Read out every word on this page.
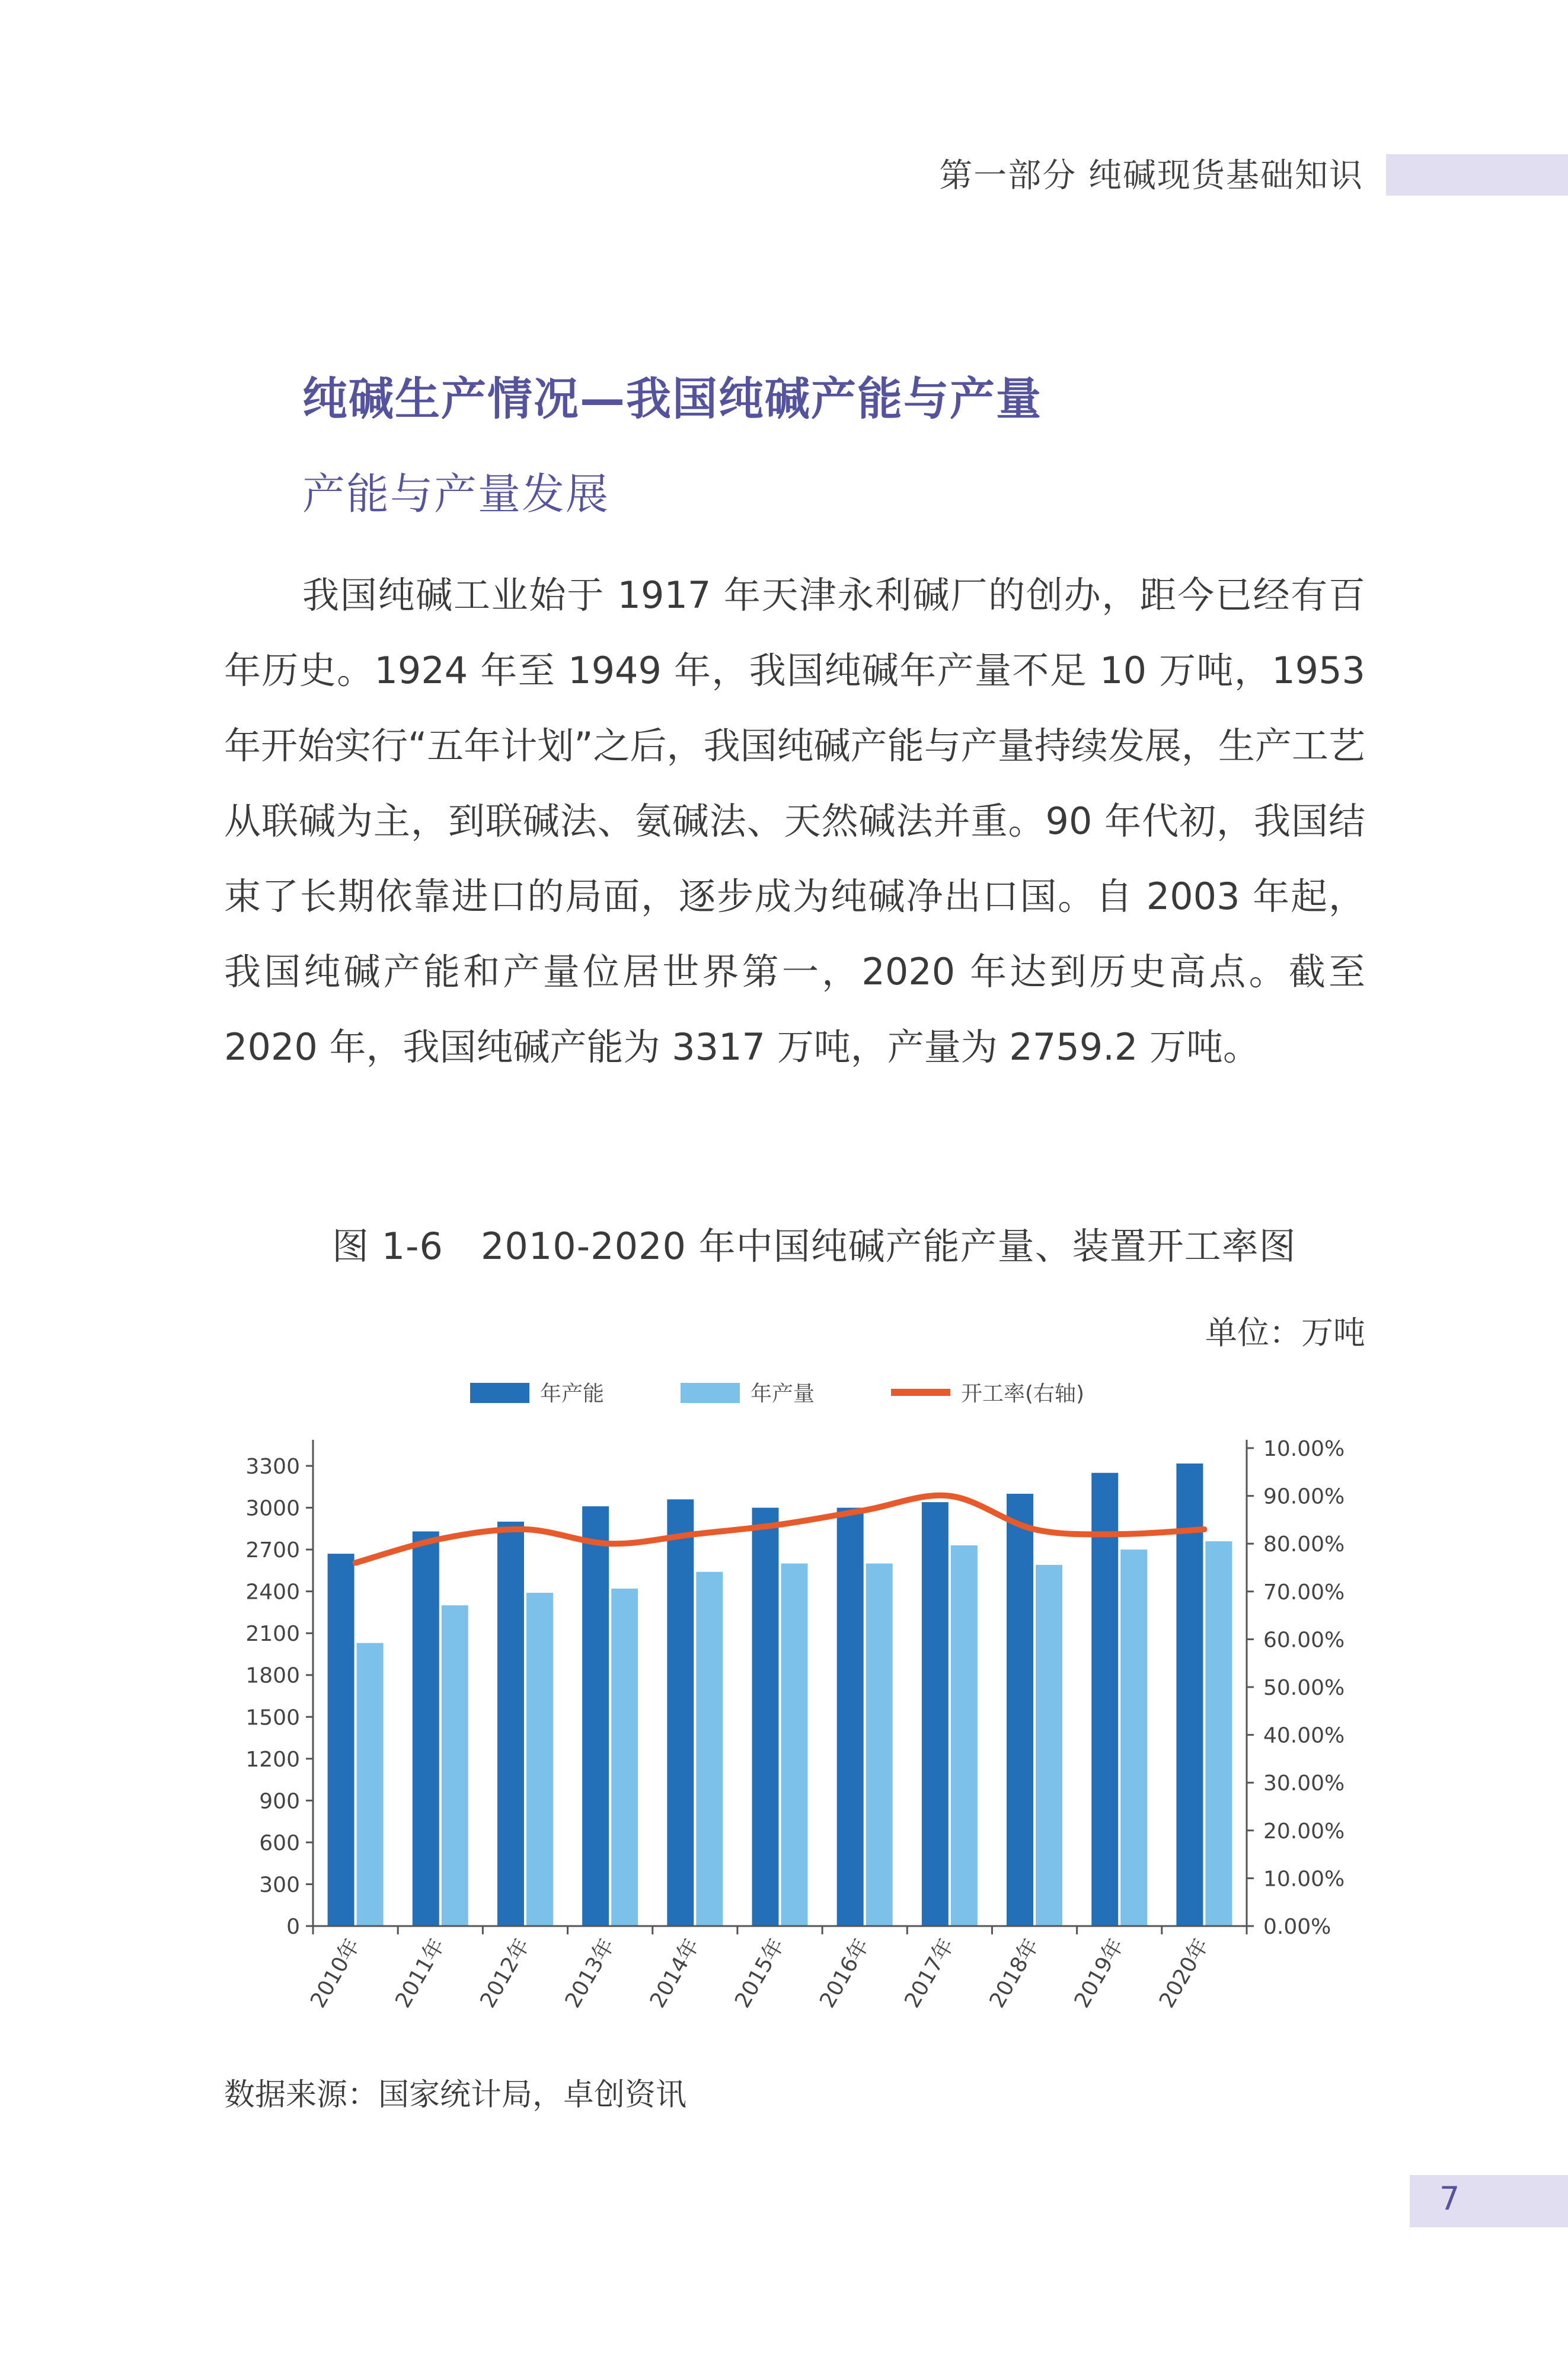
第一部分 纯碱现货基础知识
纯碱生产情况—我国纯碱产能与产量
产能与产量发展

我国纯碱工业始于 1917 年天津永利碱厂的创办，距今已经有百年历史。1924 年至 1949 年，我国纯碱年产量不足 10 万吨，1953 年开始实行“五年计划”之后，我国纯碱产能与产量持续发展，生产工艺从联碱为主，到联碱法、氨碱法、天然碱法并重。90 年代初，我国结束了长期依靠进口的局面，逐步成为纯碱净出口国。自 2003 年起，我国纯碱产能和产量位居世界第一，2020 年达到历史高点。截至 2020 年，我国纯碱产能为 3317 万吨，产量为 2759.2 万吨。

图 1-6　2010-2020 年中国纯碱产能产量、装置开工率图
单位：万吨
年产能	年产量	开工率(右轴)
0
300
600
900
1200
1500
1800
2100
2400
2700
3000
3300
0.00%
10.00%
20.00%
30.00%
40.00%
50.00%
60.00%
70.00%
80.00%
90.00%
10.00%
2010年 2011年 2012年 2013年 2014年 2015年 2016年 2017年 2018年 2019年 2020年
数据来源：国家统计局，卓创资讯
7
